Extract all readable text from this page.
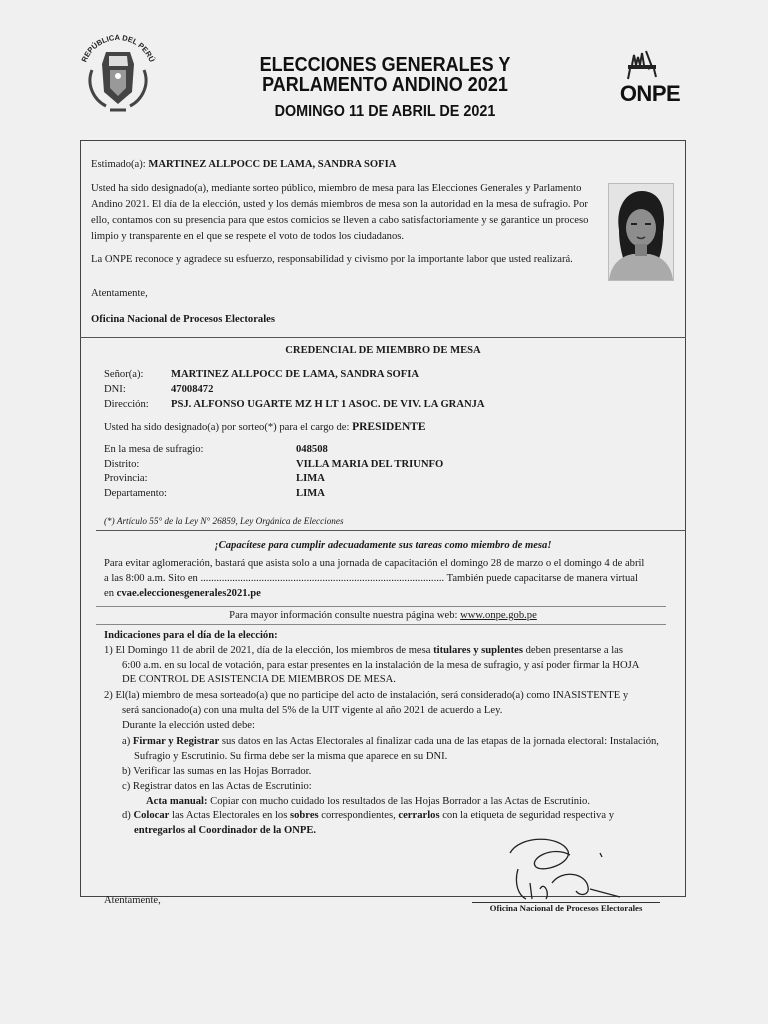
REPÚBLICA DEL PERÚ	ELECCIONES GENERALES Y
PARLAMENTO ANDINO 2021
DOMINGO 11 DE ABRIL DE 2021
ONPE
Estimado(a): MARTINEZ ALLPOCC DE LAMA, SANDRA SOFIA
Usted ha sido designado(a), mediante sorteo público, miembro de mesa para las Elecciones Generales y Parlamento
Andino 2021. El día de la elección, usted y los demás miembros de mesa son la autoridad en la mesa de sufragio. Por
ello, contamos con su presencia para que estos comicios se lleven a cabo satisfactoriamente y se garantice un proceso
limpio y transparente en el que se respete el voto de todos los ciudadanos.
La ONPE reconoce y agradece su esfuerzo, responsabilidad y civismo por la importante labor que usted realizará.
Atentamente,
Oficina Nacional de Procesos Electorales
CREDENCIAL DE MIEMBRO DE MESA
Señor(a):	MARTINEZ ALLPOCC DE LAMA, SANDRA SOFIA
DNI:	47008472
Dirección: PSJ. ALFONSO UGARTE MZ H LT 1 ASOC. DE VIV. LA GRANJA
Usted ha sido designado(a) por sorteo(*) para el cargo de: PRESIDENTE
En la mesa de sufragio:	048508
Distrito:	VILLA MARIA DEL TRIUNFO
Provincia:	LIMA
Departamento:	LIMA
(*) Artículo 55° de la Ley N° 26859, Ley Orgánica de Elecciones
¡Capacítese para cumplir adecuadamente sus tareas como miembro de mesa!
Para evitar aglomeración, bastará que asista solo a una jornada de capacitación el domingo 28 de marzo o el domingo 4 de abril
a las 8:00 a.m. Sito en ............................................................................................ También puede capacitarse de manera virtual
en cvae.eleccionesgenerales2021.pe
Para mayor información consulte nuestra página web: www.onpe.gob.pe
Indicaciones para el día de la elección:
1) El Domingo 11 de abril de 2021, día de la elección, los miembros de mesa titulares y suplentes deben presentarse a las
6:00 a.m. en su local de votación, para estar presentes en la instalación de la mesa de sufragio, y así poder firmar la HOJA
DE CONTROL DE ASISTENCIA DE MIEMBROS DE MESA.
2) El(la) miembro de mesa sorteado(a) que no participe del acto de instalación, será considerado(a) como INASISTENTE y
será sancionado(a) con una multa del 5% de la UIT vigente al año 2021 de acuerdo a Ley.
Durante la elección usted debe:
a) Firmar y Registrar sus datos en las Actas Electorales al finalizar cada una de las etapas de la jornada electoral: Instalación,
Sufragio y Escrutinio. Su firma debe ser la misma que aparece en su DNI.
b) Verificar las sumas en las Hojas Borrador.
c) Registrar datos en las Actas de Escrutinio:
Acta manual: Copiar con mucho cuidado los resultados de las Hojas Borrador a las Actas de Escrutinio.
d) Colocar las Actas Electorales en los sobres correspondientes, cerrarlos con la etiqueta de seguridad respectiva y
entregarlos al Coordinador de la ONPE.
Atentamente,
Oficina Nacional de Procesos Electorales
